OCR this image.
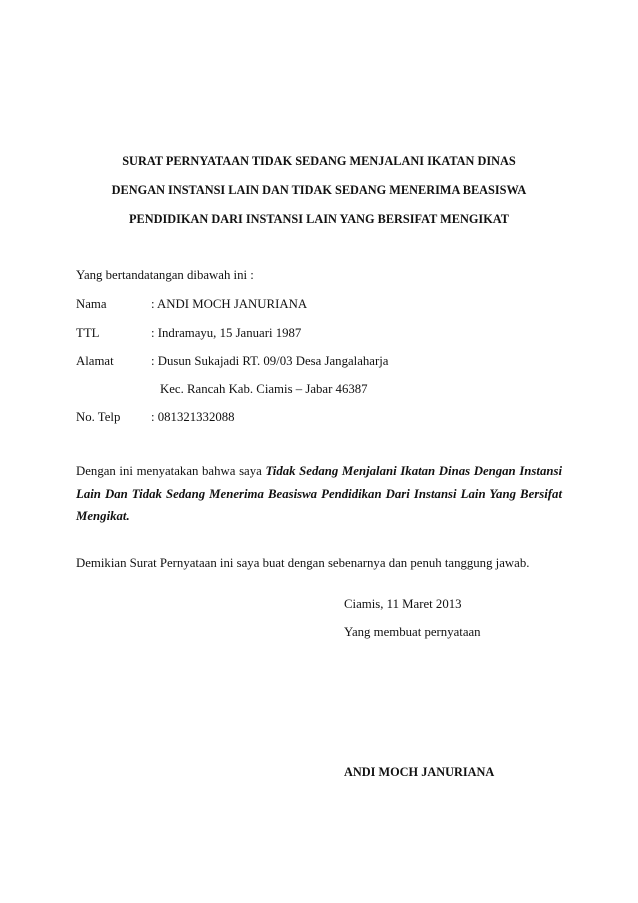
SURAT PERNYATAAN TIDAK SEDANG MENJALANI IKATAN DINAS
DENGAN INSTANSI LAIN DAN TIDAK SEDANG MENERIMA BEASISWA
PENDIDIKAN DARI INSTANSI LAIN YANG BERSIFAT MENGIKAT
Yang bertandatangan dibawah ini :
Nama	: ANDI MOCH JANURIANA
TTL	: Indramayu, 15 Januari 1987
Alamat	: Dusun Sukajadi RT. 09/03 Desa Jangalaharja
Kec. Rancah Kab. Ciamis – Jabar 46387
No. Telp : 081321332088
Dengan ini menyatakan bahwa saya Tidak Sedang Menjalani Ikatan Dinas Dengan Instansi Lain Dan Tidak Sedang Menerima Beasiswa Pendidikan Dari Instansi Lain Yang Bersifat Mengikat.
Demikian Surat Pernyataan ini saya buat dengan sebenarnya dan penuh tanggung jawab.
Ciamis, 11 Maret 2013
Yang membuat pernyataan
ANDI MOCH JANURIANA
